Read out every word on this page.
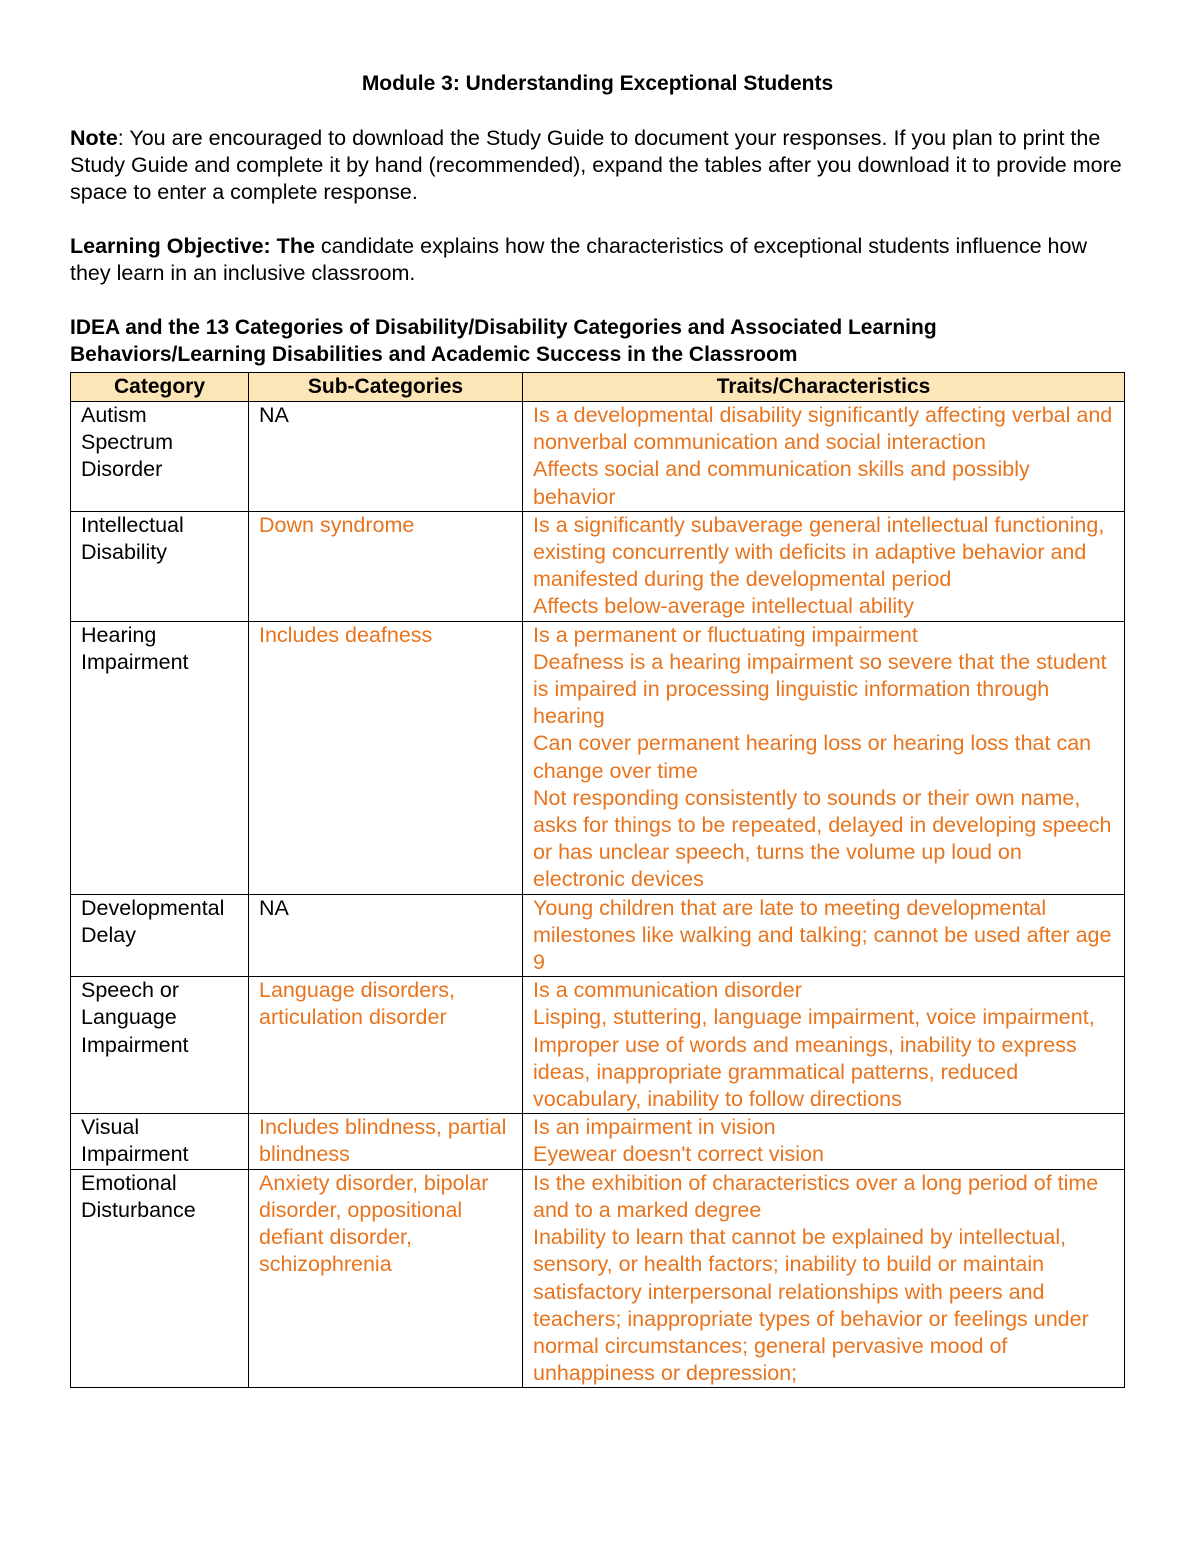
Module 3: Understanding Exceptional Students
Note: You are encouraged to download the Study Guide to document your responses. If you plan to print the Study Guide and complete it by hand (recommended), expand the tables after you download it to provide more space to enter a complete response.
Learning Objective: The candidate explains how the characteristics of exceptional students influence how they learn in an inclusive classroom.
IDEA and the 13 Categories of Disability/Disability Categories and Associated Learning Behaviors/Learning Disabilities and Academic Success in the Classroom
Category	Sub-Categories	Traits/Characteristics
Autism Spectrum Disorder	NA	Is a developmental disability significantly affecting verbal and nonverbal communication and social interaction
Affects social and communication skills and possibly behavior

Intellectual Disability	Down syndrome	Is a significantly subaverage general intellectual functioning, existing concurrently with deficits in adaptive behavior and manifested during the developmental period
Affects below-average intellectual ability

Hearing Impairment	Includes deafness	Is a permanent or fluctuating impairment
Deafness is a hearing impairment so severe that the student is impaired in processing linguistic information through hearing
Can cover permanent hearing loss or hearing loss that can change over time
Not responding consistently to sounds or their own name, asks for things to be repeated, delayed in developing speech or has unclear speech, turns the volume up loud on electronic devices

Developmental Delay	NA	Young children that are late to meeting developmental milestones like walking and talking; cannot be used after age 9

Speech or Language Impairment	Language disorders, articulation disorder	Is a communication disorder
Lisping, stuttering, language impairment, voice impairment,
Improper use of words and meanings, inability to express ideas, inappropriate grammatical patterns, reduced vocabulary, inability to follow directions

Visual Impairment	Includes blindness, partial blindness	Is an impairment in vision
Eyewear doesn't correct vision

Emotional Disturbance	Anxiety disorder, bipolar disorder, oppositional defiant disorder, schizophrenia	Is the exhibition of characteristics over a long period of time and to a marked degree
Inability to learn that cannot be explained by intellectual, sensory, or health factors; inability to build or maintain satisfactory interpersonal relationships with peers and teachers; inappropriate types of behavior or feelings under normal circumstances; general pervasive mood of unhappiness or depression;
